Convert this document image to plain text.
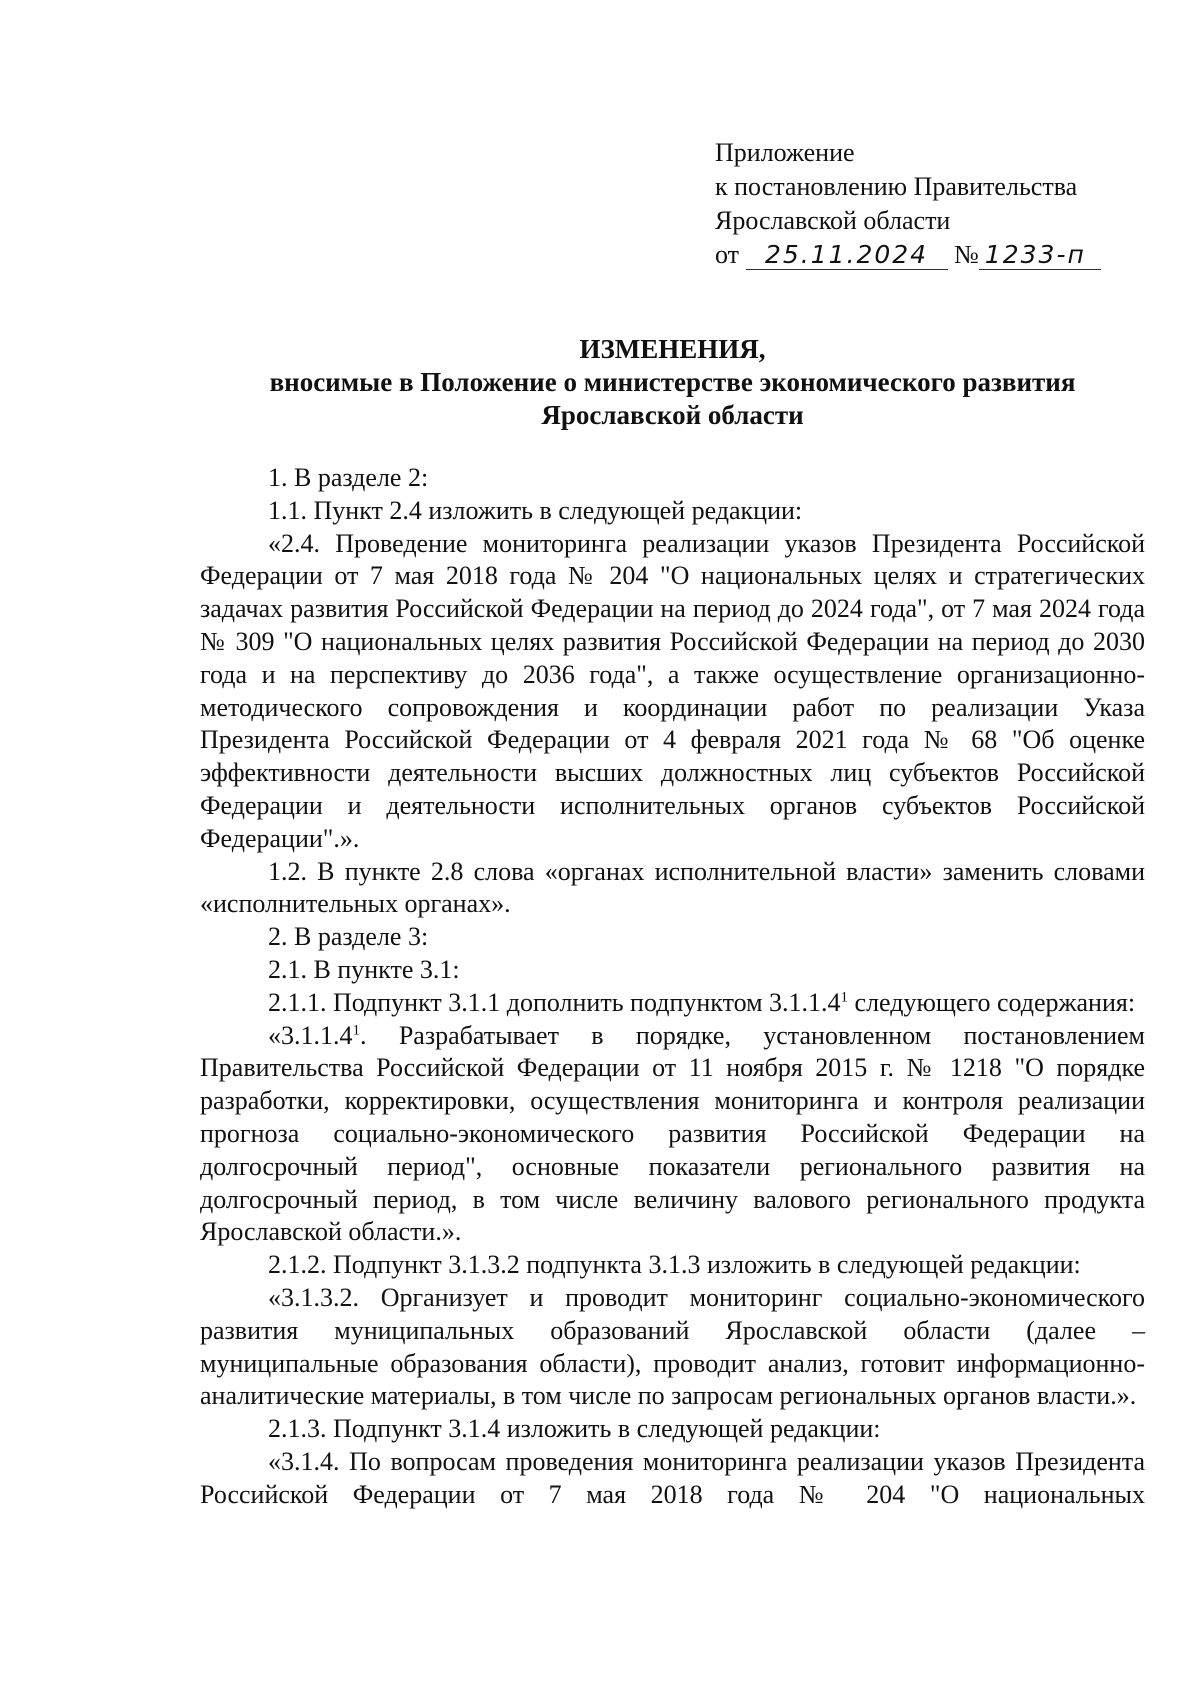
Приложение
к постановлению Правительства
Ярославской области
от 25.11.2024 № 1233-п
ИЗМЕНЕНИЯ,
вносимые в Положение о министерстве экономического развития
Ярославской области

1. В разделе 2:

1.1. Пункт 2.4 изложить в следующей редакции:

«2.4. Проведение мониторинга реализации указов Президента Российской Федерации от 7 мая 2018 года № 204 "О национальных целях и стратегических задачах развития Российской Федерации на период до 2024 года", от 7 мая 2024 года № 309 "О национальных целях развития Российской Федерации на период до 2030 года и на перспективу до 2036 года", а также осуществление организационно-методического сопровождения и координации работ по реализации Указа Президента Российской Федерации от 4 февраля 2021 года № 68 "Об оценке эффективности деятельности высших должностных лиц субъектов Российской Федерации и деятельности исполнительных органов субъектов Российской Федерации".».

1.2. В пункте 2.8 слова «органах исполнительной власти» заменить словами «исполнительных органах».

2. В разделе 3:

2.1. В пункте 3.1:

2.1.1. Подпункт 3.1.1 дополнить подпунктом 3.1.1.4$^1$ следующего содержания:

«3.1.1.4$^1$. Разрабатывает в порядке, установленном постановлением Правительства Российской Федерации от 11 ноября 2015 г. № 1218 "О порядке разработки, корректировки, осуществления мониторинга и контроля реализации прогноза социально-экономического развития Российской Федерации на долгосрочный период", основные показатели регионального развития на долгосрочный период, в том числе величину валового регионального продукта Ярославской области.».

2.1.2. Подпункт 3.1.3.2 подпункта 3.1.3 изложить в следующей редакции:

«3.1.3.2. Организует и проводит мониторинг социально-экономического развития муниципальных образований Ярославской области (далее – муниципальные образования области), проводит анализ, готовит информационно-аналитические материалы, в том числе по запросам региональных органов власти.».

2.1.3. Подпункт 3.1.4 изложить в следующей редакции:

«3.1.4. По вопросам проведения мониторинга реализации указов Президента Российской Федерации от 7 мая 2018 года № 204 "О национальных
